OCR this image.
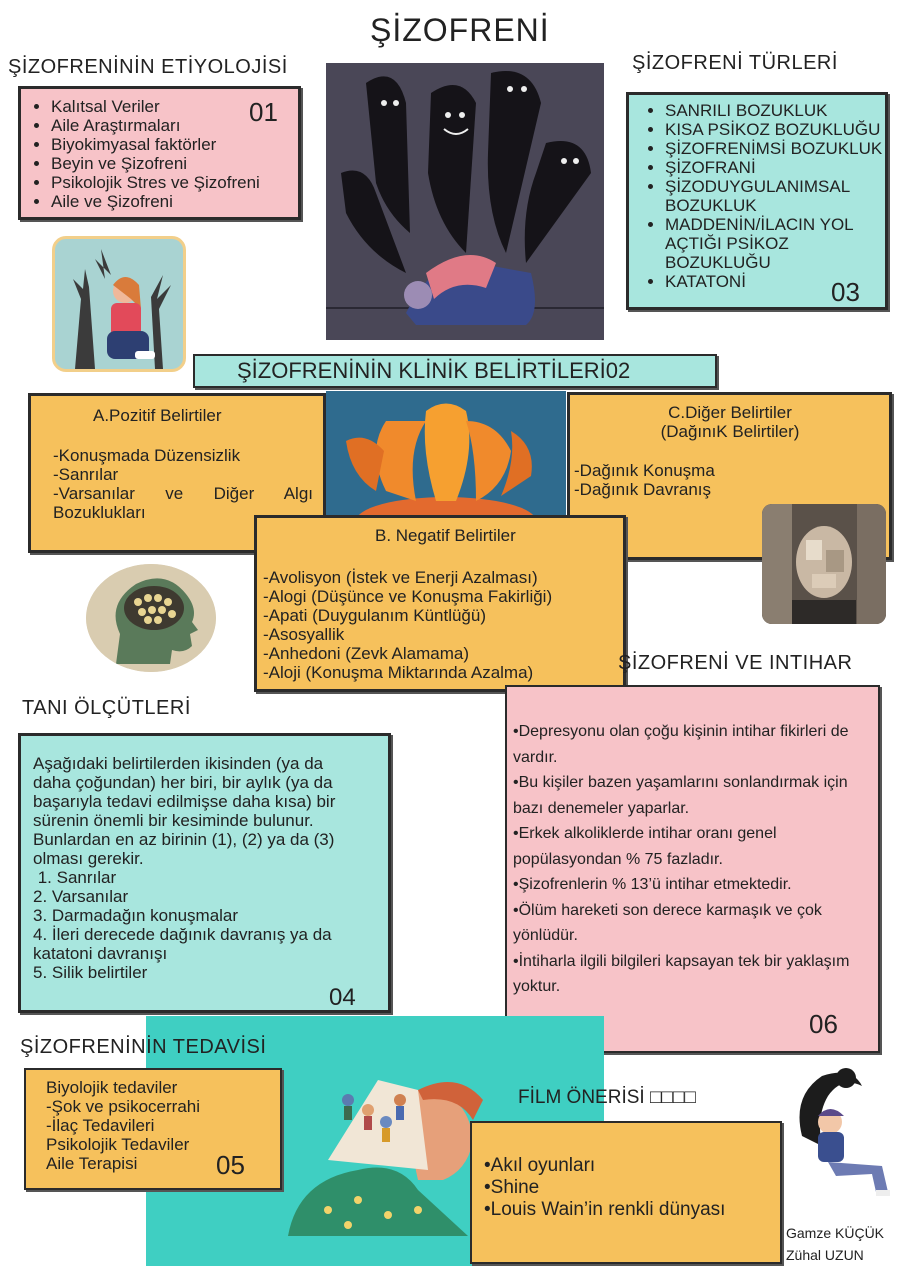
ŞİZOFRENİ
ŞİZOFRENİNİN ETİYOLOJİSİ
• Kalıtsal Veriler
• Aile Araştırmaları
• Biyokimyasal faktörler
• Beyin ve Şizofreni
• Psikolojik Stres ve Şizofreni
• Aile ve Şizofreni
01
ŞİZOFRENİ TÜRLERİ
• SANRILI BOZUKLUK
• KISA PSİKOZ BOZUKLUĞU
• ŞİZOFRENİMSİ BOZUKLUK
• ŞİZOFRANİ
• ŞİZODUYGULANIMSAL BOZUKLUK
• MADDENİN/İLACIN YOL AÇTIĞI PSİKOZ BOZUKLUĞU
• KATATONİ	03
ŞİZOFRENİNİN KLİNİK BELİRTİLERİ02
A.Pozitif Belirtiler
-Konuşmada Düzensizlik
-Sanrılar
-Varsanılar ve Diğer Algı Bozuklukları
C.Diğer Belirtiler
(DağınıK Belirtiler)
-Dağınık Konuşma
-Dağınık Davranış
B. Negatif Belirtiler
-Avolisyon (İstek ve Enerji Azalması)
-Alogi (Düşünce ve Konuşma Fakirliği)
-Apati (Duygulanım Küntlüğü)
-Asosyallik
-Anhedoni (Zevk Alamama)
-Aloji (Konuşma Miktarında Azalma)	ŞİZOFRENİ VE INTIHAR
•Depresyonu olan çoğu kişinin intihar fikirleri de vardır.
•Bu kişiler bazen yaşamlarını sonlandırmak için bazı denemeler yaparlar.
•Erkek alkoliklerde intihar oranı genel popülasyondan % 75 fazladır.
•Şizofrenlerin % 13’ü intihar etmektedir.
•Ölüm hareketi son derece karmaşık ve çok yönlüdür.
•İntiharla ilgili bilgileri kapsayan tek bir yaklaşım yoktur.
06
TANI ÖLÇÜTLERİ
Aşağıdaki belirtilerden ikisinden (ya da
daha çoğundan) her biri, bir aylık (ya da
başarıyla tedavi edilmişse daha kısa) bir
sürenin önemli bir kesiminde bulunur.
Bunlardan en az birinin (1), (2) ya da (3)
olması gerekir.
1. Sanrılar
2. Varsanılar
3. Darmadağın konuşmalar
4. İleri derecede dağınık davranış ya da katatoni davranışı
5. Silik belirtiler
04
ŞİZOFRENİNİN TEDAVİSİ
Biyolojik tedaviler
-Şok ve psikocerrahi
-İlaç Tedavileri
Psikolojik Tedaviler
Aile Terapisi	05
FİLM ÖNERİSİ □□□□
•Akıl oyunları
•Shine
•Louis Wain’in renkli dünyası
Gamze KÜÇÜK
Zühal UZUN
